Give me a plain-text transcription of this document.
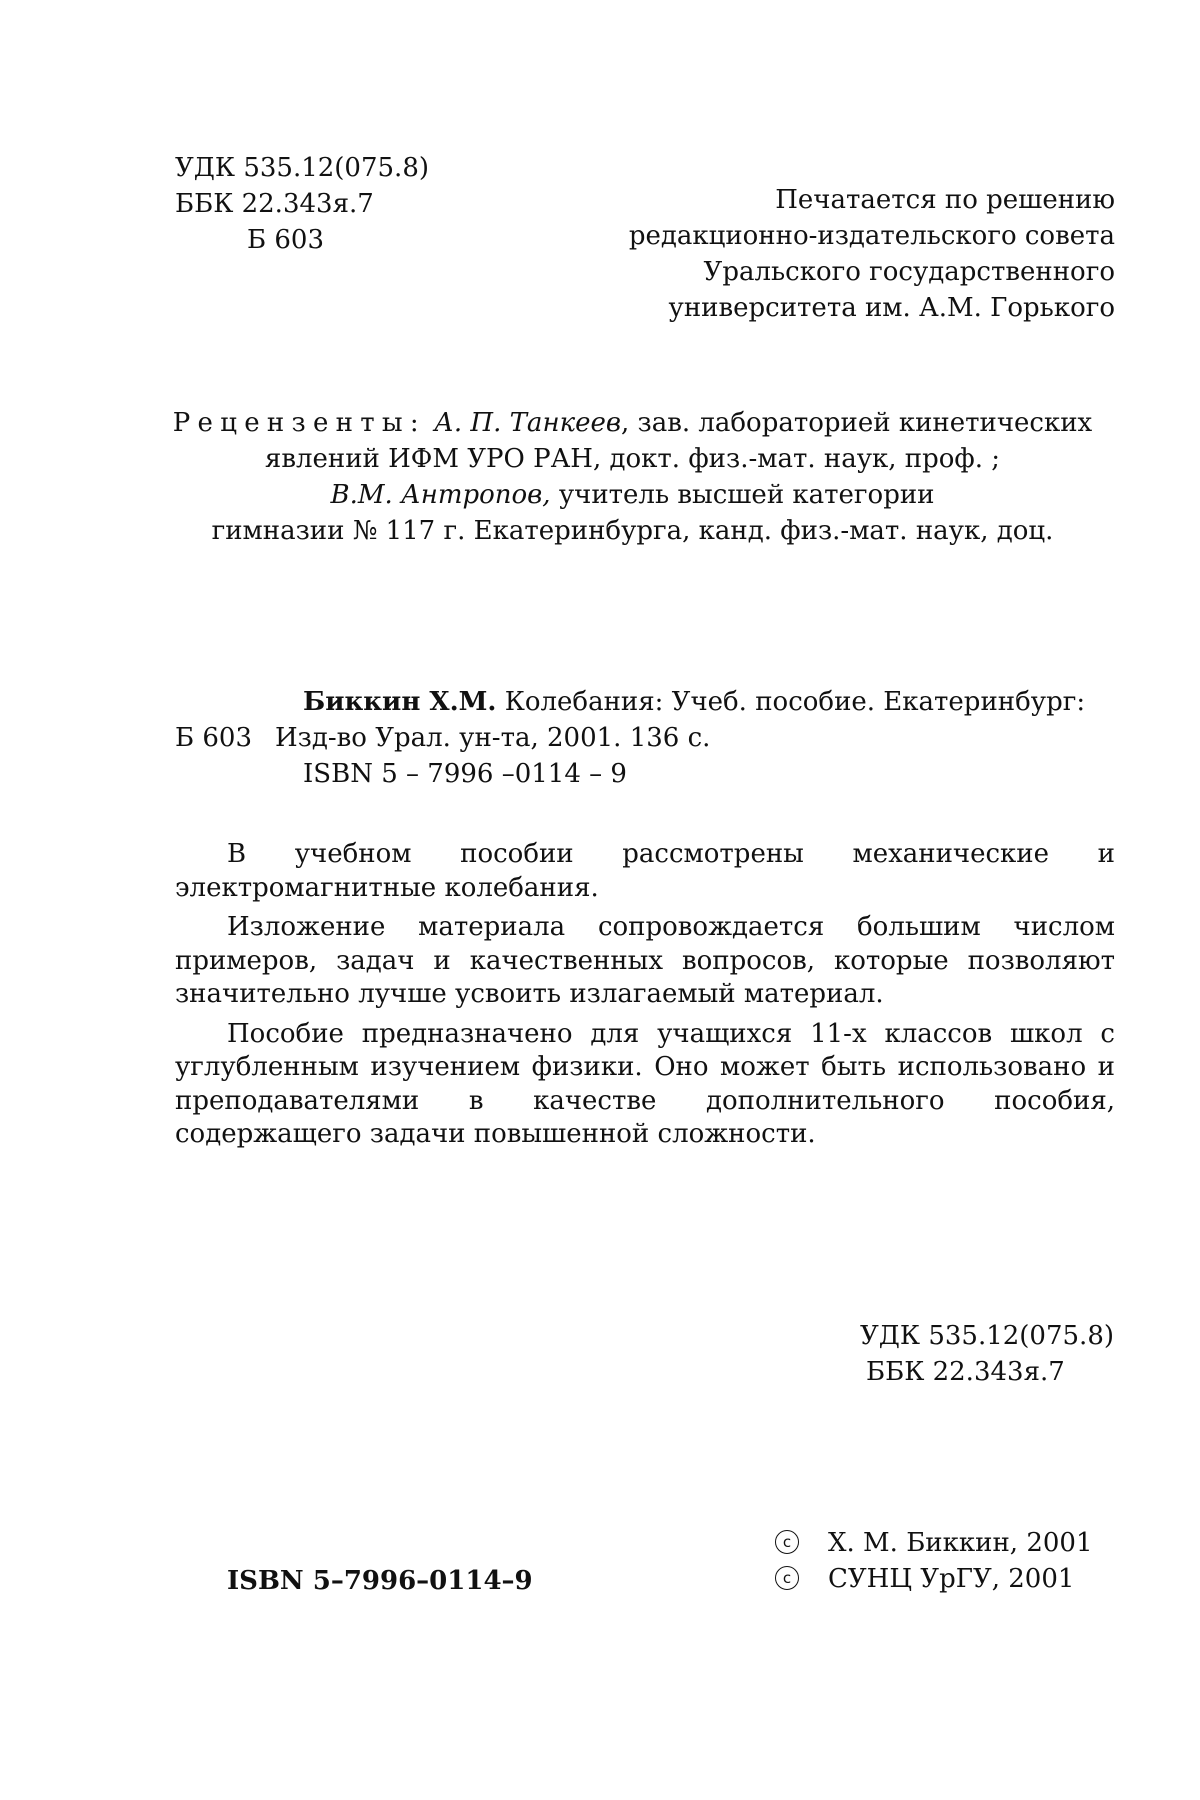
УДК 535.12(075.8)
ББК 22.343я.7
Б 603
Печатается по решению
редакционно-издательского совета
Уральского государственного
университета им. А.М. Горького
Рецензенты: А. П. Танкеев, зав. лабораторией кинетических
явлений ИФМ УРО РАН, докт. физ.-мат. наук, проф. ;
В.М. Антропов, учитель высшей категории
гимназии № 117 г. Екатеринбурга, канд. физ.-мат. наук, доц.
Биккин Х.М. Колебания: Учеб. пособие. Екатеринбург:
Б 603 Изд-во Урал. ун-та, 2001. 136 с.
ISBN 5 – 7996 –0114 – 9

В учебном пособии рассмотрены механические и электромагнитные колебания.

Изложение материала сопровождается большим числом примеров, задач и качественных вопросов, которые позволяют значительно лучше усвоить излагаемый материал.

Пособие предназначено для учащихся 11-х классов школ с углубленным изучением физики. Оно может быть использовано и преподавателями в качестве дополнительного пособия, содержащего задачи повышенной сложности.

УДК 535.12(075.8)
ББК 22.343я.7
c	Х. М. Биккин, 2001
c	СУНЦ УрГУ, 2001
ISBN 5–7996–0114–9
